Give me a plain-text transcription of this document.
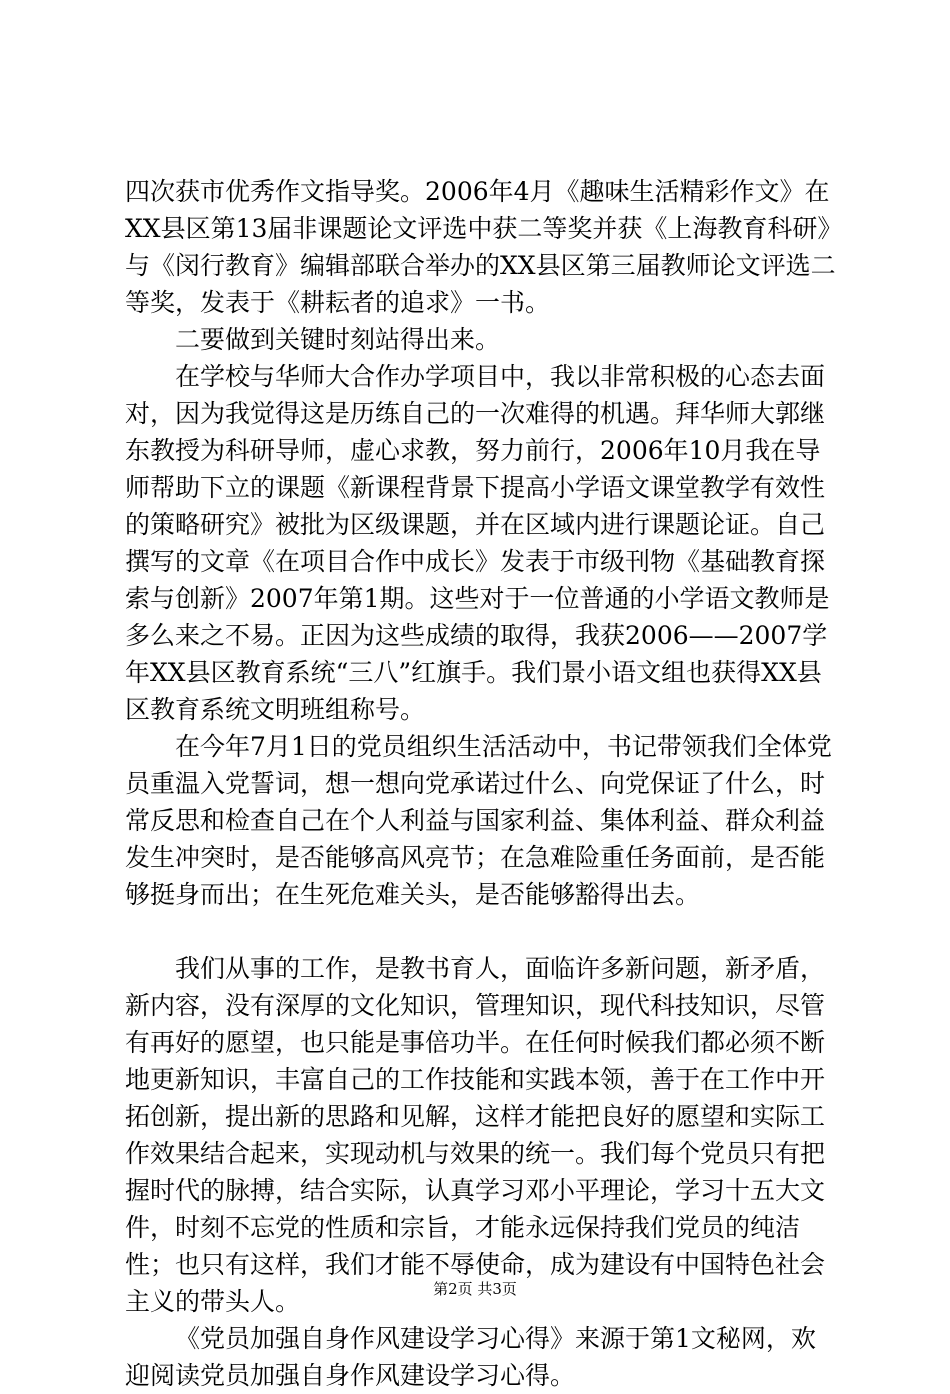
四次获市优秀作文指导奖。2006年4月《趣味生活精彩作文》在XX县区第13届非课题论文评选中获二等奖并获《上海教育科研》与《闵行教育》编辑部联合举办的XX县区第三届教师论文评选二等奖，发表于《耕耘者的追求》一书。

二要做到关键时刻站得出来。

在学校与华师大合作办学项目中，我以非常积极的心态去面对，因为我觉得这是历练自己的一次难得的机遇。拜华师大郭继东教授为科研导师，虚心求教，努力前行，2006年10月我在导师帮助下立的课题《新课程背景下提高小学语文课堂教学有效性的策略研究》被批为区级课题，并在区域内进行课题论证。自己撰写的文章《在项目合作中成长》发表于市级刊物《基础教育探索与创新》2007年第1期。这些对于一位普通的小学语文教师是多么来之不易。正因为这些成绩的取得，我获2006——2007学年XX县区教育系统“三八”红旗手。我们景小语文组也获得XX县区教育系统文明班组称号。

在今年7月1日的党员组织生活活动中，书记带领我们全体党员重温入党誓词，想一想向党承诺过什么、向党保证了什么，时常反思和检查自己在个人利益与国家利益、集体利益、群众利益发生冲突时，是否能够高风亮节；在急难险重任务面前，是否能够挺身而出；在生死危难关头，是否能够豁得出去。

我们从事的工作，是教书育人，面临许多新问题，新矛盾，新内容，没有深厚的文化知识，管理知识，现代科技知识，尽管有再好的愿望，也只能是事倍功半。在任何时候我们都必须不断地更新知识，丰富自己的工作技能和实践本领，善于在工作中开拓创新，提出新的思路和见解，这样才能把良好的愿望和实际工作效果结合起来，实现动机与效果的统一。我们每个党员只有把握时代的脉搏，结合实际，认真学习邓小平理论，学习十五大文件，时刻不忘党的性质和宗旨，才能永远保持我们党员的纯洁性；也只有这样，我们才能不辱使命，成为建设有中国特色社会主义的带头人。

《党员加强自身作风建设学习心得》来源于第1文秘网，欢迎阅读党员加强自身作风建设学习心得。

第2页 共3页
